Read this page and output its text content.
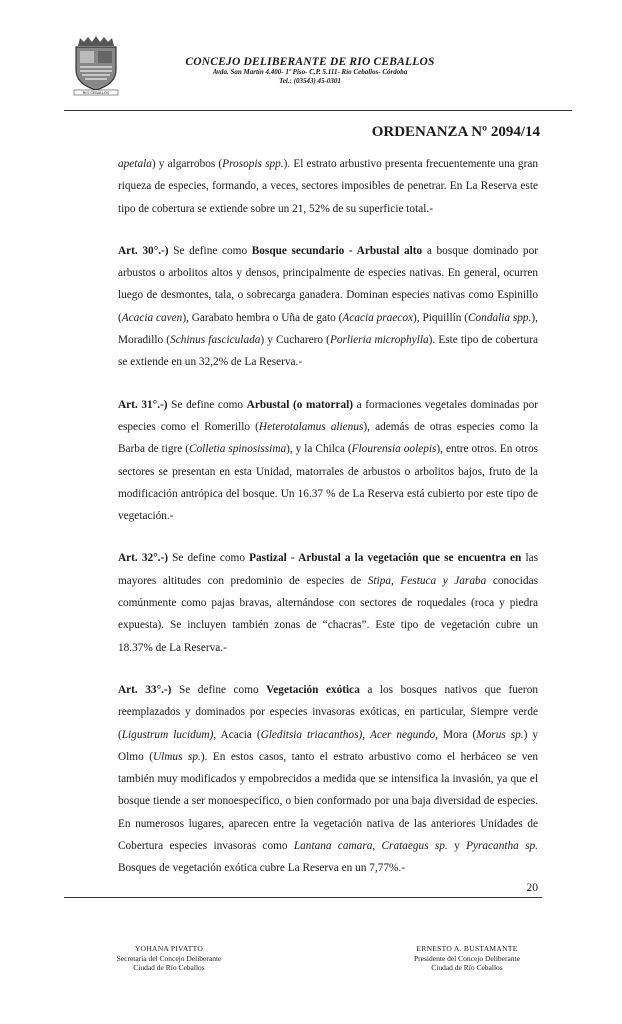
RIO CEBALLOS
CONCEJO DELIBERANTE DE RIO CEBALLOS
Avda. San Martín 4.400- 1º Piso- C.P. 5.111- Río Ceballos- Córdoba
Tel.: (03543) 45-0301
ORDENANZA Nº 2094/14

apetala) y algarrobos (Prosopis spp.). El estrato arbustivo presenta frecuentemente una gran riqueza de especies, formando, a veces, sectores imposibles de penetrar. En La Reserva este tipo de cobertura se extiende sobre un 21, 52% de su superficie total.-

Art. 30°.-) Se define como Bosque secundario - Arbustal alto a bosque dominado por arbustos o arbolitos altos y densos, principalmente de especies nativas. En general, ocurren luego de desmontes, tala, o sobrecarga ganadera. Dominan especies nativas como Espinillo (Acacia caven), Garabato hembra o Uña de gato (Acacia praecox), Piquillín (Condalia spp.), Moradillo (Schinus fasciculada) y Cucharero (Porlieria microphylla). Este tipo de cobertura se extiende en un 32,2% de La Reserva.-

Art. 31°.-) Se define como Arbustal (o matorral) a formaciones vegetales dominadas por especies como el Romerillo (Heterotalamus alienus), además de otras especies como la Barba de tigre (Colletia spinosissima), y la Chilca (Flourensia oolepis), entre otros. En otros sectores se presentan en esta Unidad, matorrales de arbustos o arbolitos bajos, fruto de la modificación antrópica del bosque. Un 16.37 % de La Reserva está cubierto por este tipo de vegetación.-

Art. 32°.-) Se define como Pastizal - Arbustal a la vegetación que se encuentra en las mayores altitudes con predominio de especies de Stipa, Festuca y Jaraba conocidas comúnmente como pajas bravas, alternándose con sectores de roquedales (roca y piedra expuesta). Se incluyen también zonas de “chacras”. Este tipo de vegetación cubre un 18.37% de La Reserva.-

Art. 33°.-) Se define como Vegetación exótica a los bosques nativos que fueron reemplazados y dominados por especies invasoras exóticas, en particular, Siempre verde (Ligustrum lucidum), Acacia (Gleditsia triacanthos), Acer negundo, Mora (Morus sp.) y Olmo (Ulmus sp.). En estos casos, tanto el estrato arbustivo como el herbáceo se ven también muy modificados y empobrecidos a medida que se intensifica la invasión, ya que el bosque tiende a ser monoespecífico, o bien conformado por una baja diversidad de especies. En numerosos lugares, aparecen entre la vegetación nativa de las anteriores Unidades de Cobertura especies invasoras como Lantana camara, Crataegus sp. y Pyracantha sp. Bosques de vegetación exótica cubre La Reserva en un 7,77%.-

20
YOHANA PIVATTO
Secretaria del Concejo Deliberante
Ciudad de Río Ceballos
ERNESTO A. BUSTAMANTE
Presidente del Concejo Deliberante
Ciudad de Río Ceballos
